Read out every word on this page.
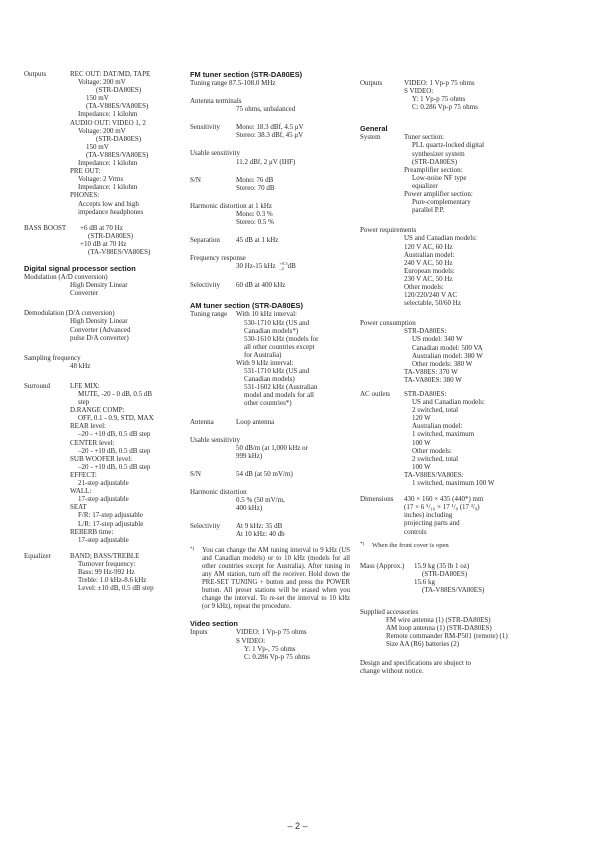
Outputs	REC OUT: DAT/MD, TAPE
Voltage: 200 mV
(STR-DA80ES)
150 mV
(TA-V88ES/VA80ES)
Impedance: 1 kilohm
AUDIO OUT: VIDEO 1, 2
Voltage: 200 mV
(STR-DA80ES)
150 mV
(TA-V88ES/VA80ES)
Impedance: 1 kilohm
PRE OUT:
Voltage: 2 Vrms
Impedance: 1 kilohm
PHONES:
Accepts low and high
impedance headphones
BASS BOOST	+6 dB at 70 Hz
(STR-DA80ES)
+10 dB at 70 Hz
(TA-V88ES/VA80ES)
Digital signal processor section
Modulation (A/D conversion)
High Density Linear
Converter
Demodulation (D/A conversion)
High Density Linear
Converter (Advanced
pulse D/A converter)
Sampling frequency
48 kHz
Surround	LFE MIX:
MUTE, -20 - 0 dB, 0.5 dB
step
D.RANGE COMP:
OFF, 0.1 - 0.9, STD, MAX
REAR level:
–20 - +10 dB, 0.5 dB step
CENTER level:
–20 - +10 dB, 0.5 dB step
SUB WOOFER level:
–20 - +10 dB, 0.5 dB step
EFFECT:
21-step adjustable
WALL:
17-step adjustable
SEAT
F/R: 17-step adjustable
L/R: 17-step adjustable
REBERB time:
17-step adjustable
Equalizer	BAND; BASS/TREBLE
Turnover frequency:
Bass: 99 Hz-992 Hz
Treble: 1.0 kHz-8.6 kHz
Level: ±10 dB, 0.5 dB step
FM tuner section (STR-DA80ES)
Tuning range 87.5-108.0 MHz
Antenna terminals
75 ohms, unbalanced
Sensitivity	Mono: 18.3 dBf, 4.5 μV
Stereo: 38.3 dBf, 45 μV
Usable sensitivity
11.2 dBf, 2 μV (IHF)
S/N	Mono: 76 dB
Stereo: 70 dB
Harmonic distortion at 1 kHz
Mono: 0.3 %
Stereo: 0.5 %
Separation	45 dB at 1 kHz
Frequency response
30 Hz-15 kHz +0.5
–2 dB
Selectivity	60 dB at 400 kHz
AM tuner section (STR-DA80ES)
Tuning range	With 10 kHz interval:
530-1710 kHz (US and
Canadian models*)
530-1610 kHz (models for
all other countries except
for Australia)
With 9 kHz interval:
531-1710 kHz (US and
Canadian models)
531-1602 kHz (Australian
model and models for all
other countries*)
Antenna	Loop antenna
Usable sensitivity
50 dB/m (at 1,000 kHz or
999 kHz)
S/N	54 dB (at 50 mV/m)
Harmonic distortion
0.5 % (50 mV/m,
400 kHz)
Selectivity	At 9 kHz: 35 dB
At 10 kHz: 40 db
*)	You can change the AM tuning interval to 9 kHz (US and Canadian models) or to 10 kHz (models for all other countries except for Australia). After tuning in any AM station, turn off the receiver. Hold down the PRE-SET TUNING + button and press the POWER button. All preset stations will be erased when you change the interval. To re-set the interval to 10 kHz (or 9 kHz), repeat the procedure.
Video section
Inputs	VIDEO: 1 Vp-p 75 ohms
S VIDEO:
Y: 1 Vp-, 75 ohms
C: 0.286 Vp-p 75 ohms
Outputs	VIDEO: 1 Vp-p 75 ohms
S VIDEO:
Y: 1 Vp-p 75 ohms
C: 0.286 Vp-p 75 ohms
General
System	Tuner section:
PLL quartz-locked digital
synthesizer system
(STR-DA80ES)
Preamplifier section:
Low-noise NF type
equalizer
Power amplifier section:
Pure-complementary
parallel P.P.
Power requirements
US and Canadian models:
120 V AC, 60 Hz
Australian model:
240 V AC, 50 Hz
European models:
230 V AC, 50 Hz
Other models:
120/220/240 V AC
selectable, 50/60 Hz
Power consumption
STR-DA80ES:
US model: 340 W
Canadian model: 500 VA
Australian model: 380 W
Other models: 380 W
TA-V88ES: 370 W
TA-VA80ES: 380 W
AC outlets	STR-DA80ES:
US and Canadian models:
2 switched, total
120 W
Australian model:
1 switched, maximum
100 W
Other models:
2 switched, total
100 W
TA-V88ES/VA80ES:
1 switched, maximum 100 W
Dimensions	430 × 160 × 435 (440*) mm
(17 × 6 ⁵/₁₆ × 17 ¹/₈ (17 ³/₈)
inches) including
projecting parts and
controls
*)	When the front cover is open
Mass (Approx.)	15.9 kg (35 lb 1 oz)
(STR-DA80ES)
15.6 kg
(TA-V88ES/VA80ES)
Supplied accessories
FM wire antenna (1) (STR-DA80ES)
AM loop antenna (1) (STR-DA80ES)
Remote commander RM-P501 (remote) (1)
Size AA (R6) batteries (2)
Design and specifications are sbuject to
change without notice.
– 2 –
